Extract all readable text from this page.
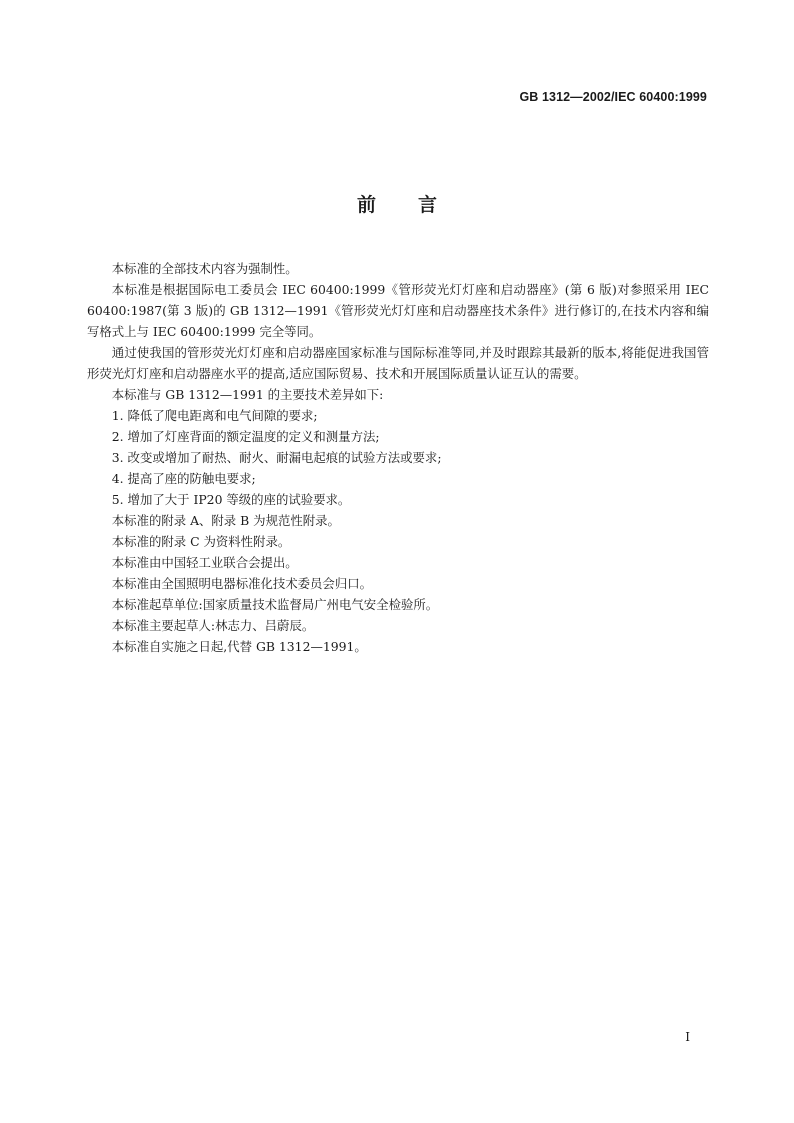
GB 1312—2002/IEC 60400:1999
前言

本标准的全部技术内容为强制性。

本标准是根据国际电工委员会 IEC 60400:1999《管形荧光灯灯座和启动器座》(第 6 版)对参照采用 IEC 60400:1987(第 3 版)的 GB 1312—1991《管形荧光灯灯座和启动器座技术条件》进行修订的,在技术内容和编写格式上与 IEC 60400:1999 完全等同。

通过使我国的管形荧光灯灯座和启动器座国家标准与国际标准等同,并及时跟踪其最新的版本,将能促进我国管形荧光灯灯座和启动器座水平的提高,适应国际贸易、技术和开展国际质量认证互认的需要。

本标准与 GB 1312—1991 的主要技术差异如下:

1. 降低了爬电距离和电气间隙的要求;

2. 增加了灯座背面的额定温度的定义和测量方法;

3. 改变或增加了耐热、耐火、耐漏电起痕的试验方法或要求;

4. 提高了座的防触电要求;

5. 增加了大于 IP20 等级的座的试验要求。

本标准的附录 A、附录 B 为规范性附录。

本标准的附录 C 为资料性附录。

本标准由中国轻工业联合会提出。

本标准由全国照明电器标准化技术委员会归口。

本标准起草单位:国家质量技术监督局广州电气安全检验所。

本标准主要起草人:林志力、吕蔚辰。

本标准自实施之日起,代替 GB 1312—1991。

I
